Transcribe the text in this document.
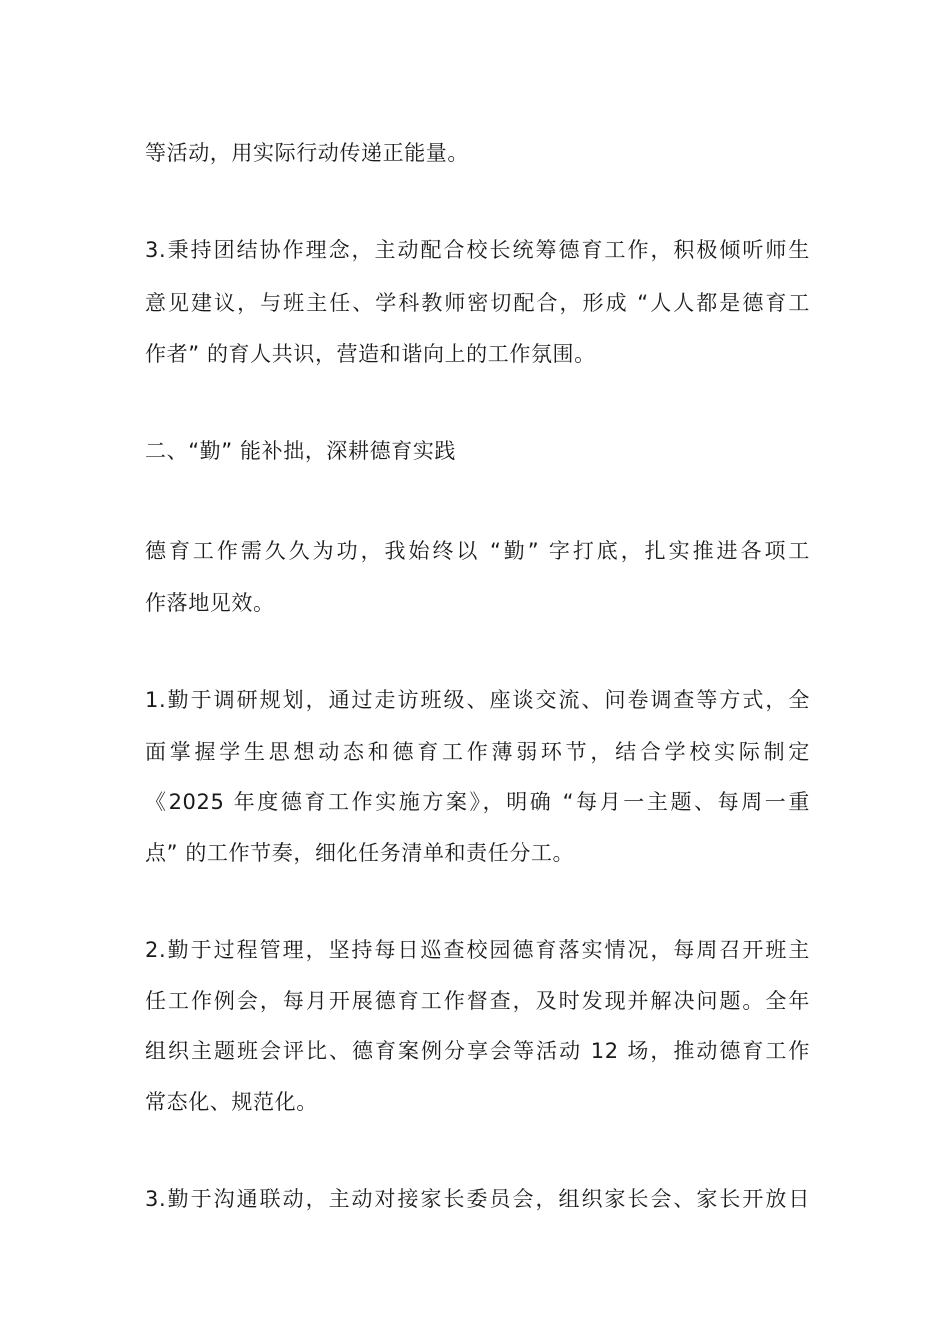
等活动，用实际行动传递正能量。
3.秉持团结协作理念，主动配合校长统筹德育工作，积极倾听师生
意见建议，与班主任、学科教师密切配合，形成 “人人都是德育工
作者” 的育人共识，营造和谐向上的工作氛围。
二、“勤” 能补拙，深耕德育实践
德育工作需久久为功，我始终以 “勤” 字打底，扎实推进各项工
作落地见效。
1.勤于调研规划，通过走访班级、座谈交流、问卷调查等方式，全
面掌握学生思想动态和德育工作薄弱环节，结合学校实际制定
《2025 年度德育工作实施方案》，明确 “每月一主题、每周一重
点” 的工作节奏，细化任务清单和责任分工。
2.勤于过程管理，坚持每日巡查校园德育落实情况，每周召开班主
任工作例会，每月开展德育工作督查，及时发现并解决问题。全年
组织主题班会评比、德育案例分享会等活动 12 场，推动德育工作
常态化、规范化。
3.勤于沟通联动，主动对接家长委员会，组织家长会、家长开放日
